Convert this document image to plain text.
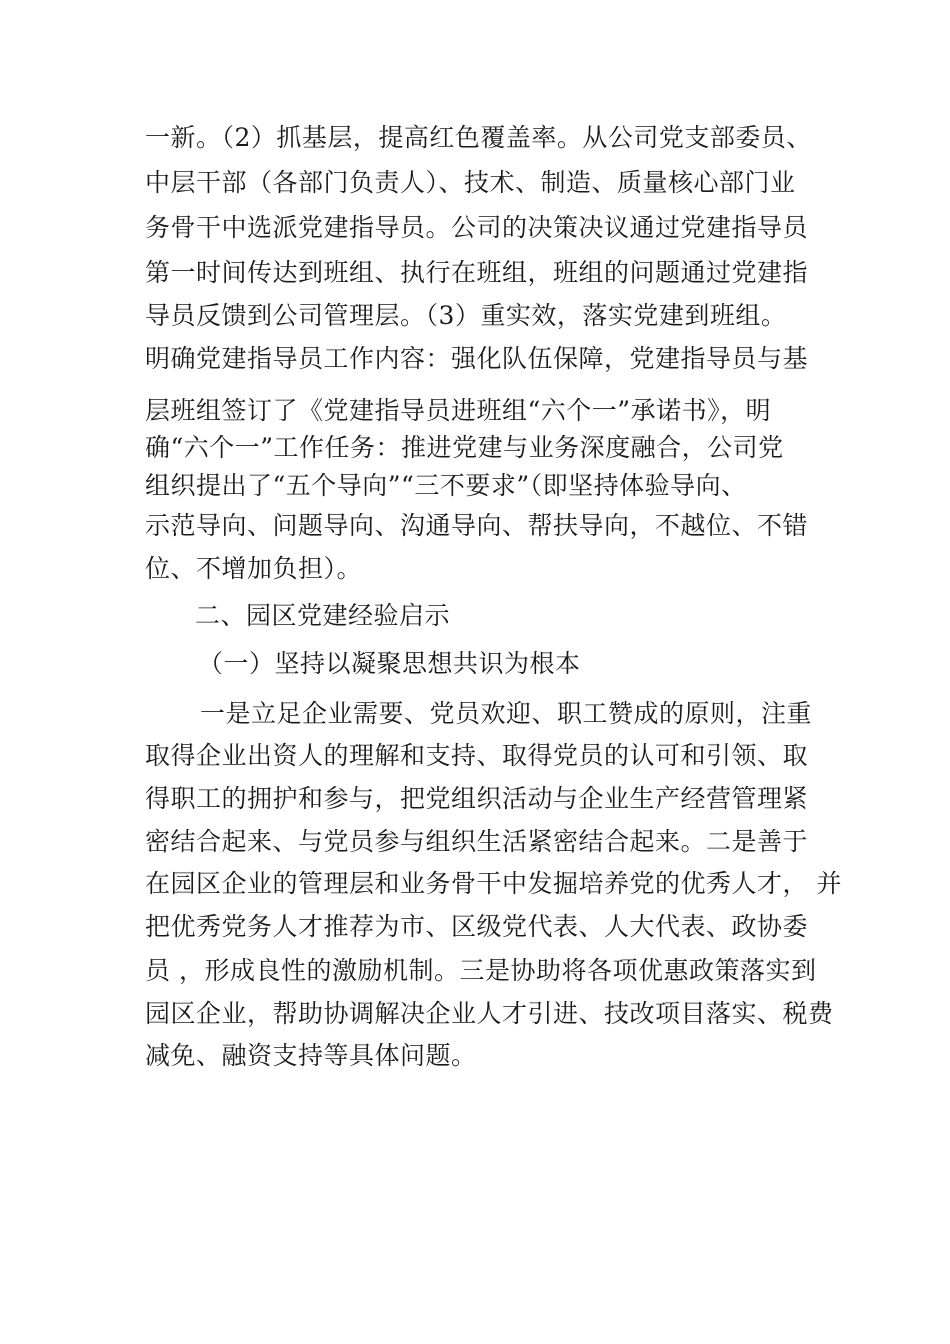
一新。（2）抓基层，提高红色覆盖率。从公司党支部委员、
中层干部（各部门负责人）、技术、制造、质量核心部门业
务骨干中选派党建指导员。公司的决策决议通过党建指导员
第一时间传达到班组、执行在班组，班组的问题通过党建指
导员反馈到公司管理层。（3）重实效，落实党建到班组。
明确党建指导员工作内容：强化队伍保障，党建指导员与基
层班组签订了《党建指导员进班组“六个一”承诺书》，明
确“六个一”工作任务：推进党建与业务深度融合，公司党
组织提出了“五个导向”“三不要求”（即坚持体验导向、
示范导向、问题导向、沟通导向、帮扶导向，不越位、不错
位、不增加负担）。
二、园区党建经验启示
（一）坚持以凝聚思想共识为根本
一是立足企业需要、党员欢迎、职工赞成的原则，注重
取得企业出资人的理解和支持、取得党员的认可和引领、取
得职工的拥护和参与，把党组织活动与企业生产经营管理紧
密结合起来、与党员参与组织生活紧密结合起来。二是善于
在园区企业的管理层和业务骨干中发掘培养党的优秀人才， 并
把优秀党务人才推荐为市、区级党代表、人大代表、政协委
员 ，形成良性的激励机制。三是协助将各项优惠政策落实到
园区企业，帮助协调解决企业人才引进、技改项目落实、税费
减免、融资支持等具体问题。
